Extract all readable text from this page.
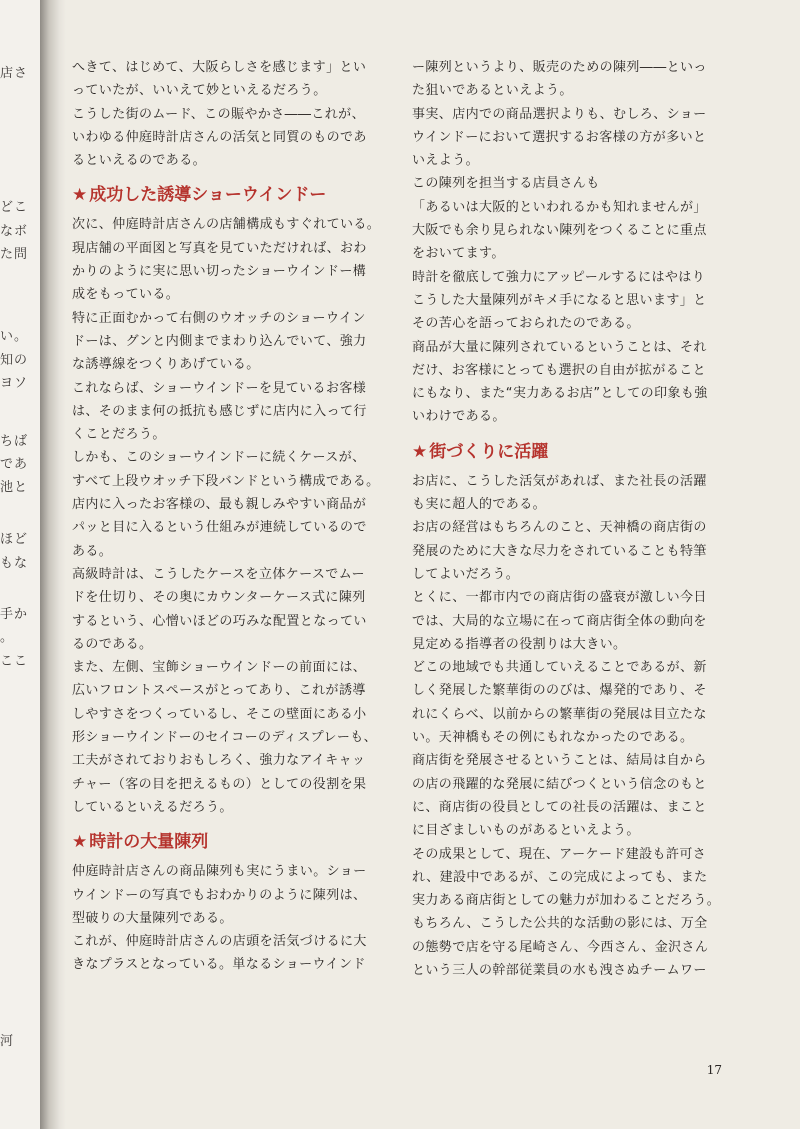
店さ
どこ
なボ
た問
い。
知の
ヨソ
ちば
であ
池と
ほど
もな
手か
。
ここ
河

へきて、はじめて、大阪らしさを感じます」とい
っていたが、いいえて妙といえるだろう。

こうした街のムード、この賑やかさ――これが、
いわゆる仲庭時計店さんの活気と同質のものであ
るといえるのである。

★ 成功した誘導ショーウインドー

次に、仲庭時計店さんの店舗構成もすぐれている。
現店舗の平面図と写真を見ていただければ、おわ
かりのように実に思い切ったショーウインドー構
成をもっている。

特に正面むかって右側のウオッチのショーウイン
ドーは、グンと内側までまわり込んでいて、強力
な誘導線をつくりあげている。

これならば、ショーウインドーを見ているお客様
は、そのまま何の抵抗も感じずに店内に入って行
くことだろう。

しかも、このショーウインドーに続くケースが、
すべて上段ウオッチ下段バンドという構成である。
店内に入ったお客様の、最も親しみやすい商品が
パッと目に入るという仕組みが連続しているので
ある。

高級時計は、こうしたケースを立体ケースでムー
ドを仕切り、その奥にカウンターケース式に陳列
するという、心憎いほどの巧みな配置となってい
るのである。

また、左側、宝飾ショーウインドーの前面には、
広いフロントスペースがとってあり、これが誘導
しやすさをつくっているし、そこの壁面にある小
形ショーウインドーのセイコーのディスプレーも、
工夫がされておりおもしろく、強力なアイキャッ
チャー（客の目を把えるもの）としての役割を果
しているといえるだろう。

★ 時計の大量陳列

仲庭時計店さんの商品陳列も実にうまい。ショー
ウインドーの写真でもおわかりのように陳列は、
型破りの大量陳列である。

これが、仲庭時計店さんの店頭を活気づけるに大
きなプラスとなっている。単なるショーウインド

ー陳列というより、販売のための陳列――といっ
た狙いであるといえよう。

事実、店内での商品選択よりも、むしろ、ショー
ウインドーにおいて選択するお客様の方が多いと
いえよう。

この陳列を担当する店員さんも
「あるいは大阪的といわれるかも知れませんが」
大阪でも余り見られない陳列をつくることに重点
をおいてます。
時計を徹底して強力にアッピールするにはやはり
こうした大量陳列がキメ手になると思います」と
その苦心を語っておられたのである。

商品が大量に陳列されているということは、それ
だけ、お客様にとっても選択の自由が拡がること
にもなり、また“実力あるお店”としての印象も強
いわけである。

★ 街づくりに活躍

お店に、こうした活気があれば、また社長の活躍
も実に超人的である。

お店の経営はもちろんのこと、天神橋の商店街の
発展のために大きな尽力をされていることも特筆
してよいだろう。

とくに、一都市内での商店街の盛衰が激しい今日
では、大局的な立場に在って商店街全体の動向を
見定める指導者の役割りは大きい。

どこの地域でも共通していえることであるが、新
しく発展した繁華街ののびは、爆発的であり、そ
れにくらべ、以前からの繁華街の発展は目立たな
い。天神橋もその例にもれなかったのである。

商店街を発展させるということは、結局は自から
の店の飛躍的な発展に結びつくという信念のもと
に、商店街の役員としての社長の活躍は、まこと
に目ざましいものがあるといえよう。

その成果として、現在、アーケード建設も許可さ
れ、建設中であるが、この完成によっても、また
実力ある商店街としての魅力が加わることだろう。
もちろん、こうした公共的な活動の影には、万全
の態勢で店を守る尾崎さん、今西さん、金沢さん
という三人の幹部従業員の水も洩さぬチームワー

17
